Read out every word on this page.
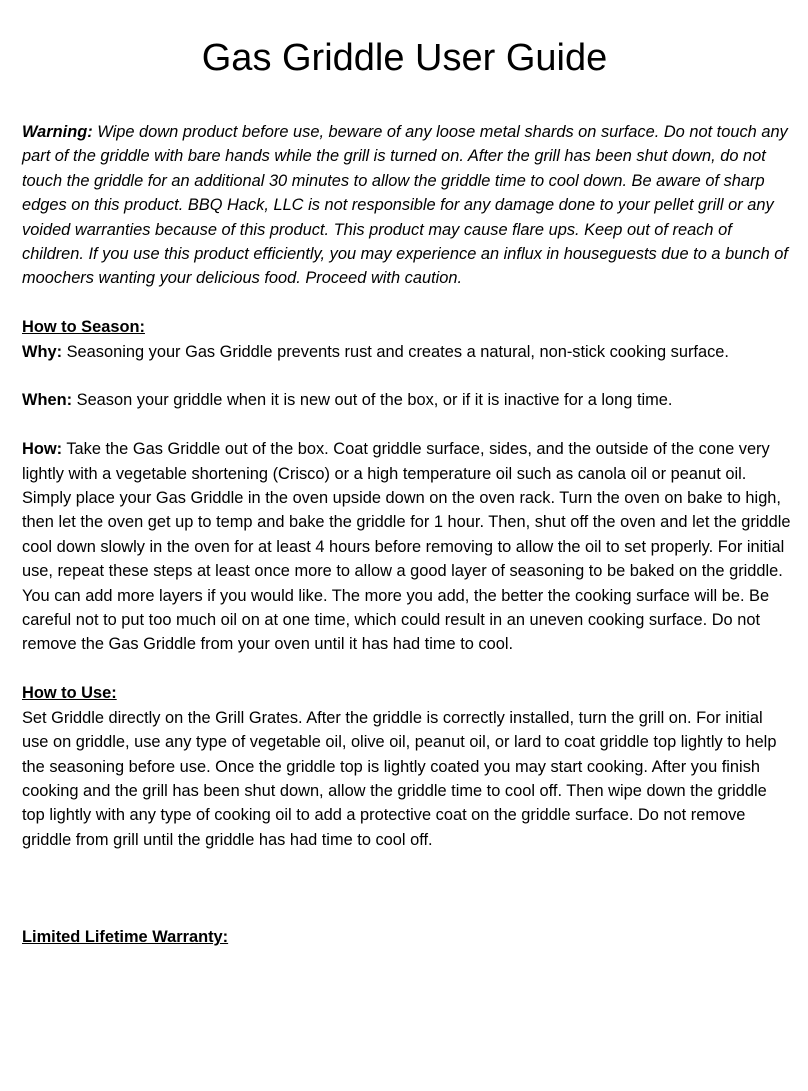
Gas Griddle User Guide

Warning: Wipe down product before use, beware of any loose metal shards on surface. Do not touch any part of the griddle with bare hands while the grill is turned on. After the grill has been shut down, do not touch the griddle for an additional 30 minutes to allow the griddle time to cool down. Be aware of sharp edges on this product. BBQ Hack, LLC is not responsible for any damage done to your pellet grill or any voided warranties because of this product. This product may cause flare ups. Keep out of reach of children. If you use this product efficiently, you may experience an influx in houseguests due to a bunch of moochers wanting your delicious food. Proceed with caution.

How to Season:

Why: Seasoning your Gas Griddle prevents rust and creates a natural, non-stick cooking surface.

When: Season your griddle when it is new out of the box, or if it is inactive for a long time.

How: Take the Gas Griddle out of the box. Coat griddle surface, sides, and the outside of the cone very lightly with a vegetable shortening (Crisco) or a high temperature oil such as canola oil or peanut oil. Simply place your Gas Griddle in the oven upside down on the oven rack. Turn the oven on bake to high, then let the oven get up to temp and bake the griddle for 1 hour. Then, shut off the oven and let the griddle cool down slowly in the oven for at least 4 hours before removing to allow the oil to set properly. For initial use, repeat these steps at least once more to allow a good layer of seasoning to be baked on the griddle. You can add more layers if you would like. The more you add, the better the cooking surface will be. Be careful not to put too much oil on at one time, which could result in an uneven cooking surface. Do not remove the Gas Griddle from your oven until it has had time to cool.

How to Use:

Set Griddle directly on the Grill Grates. After the griddle is correctly installed, turn the grill on. For initial use on griddle, use any type of vegetable oil, olive oil, peanut oil, or lard to coat griddle top lightly to help the seasoning before use. Once the griddle top is lightly coated you may start cooking. After you finish cooking and the grill has been shut down, allow the griddle time to cool off. Then wipe down the griddle top lightly with any type of cooking oil to add a protective coat on the griddle surface. Do not remove griddle from grill until the griddle has had time to cool off.

Limited Lifetime Warranty:
